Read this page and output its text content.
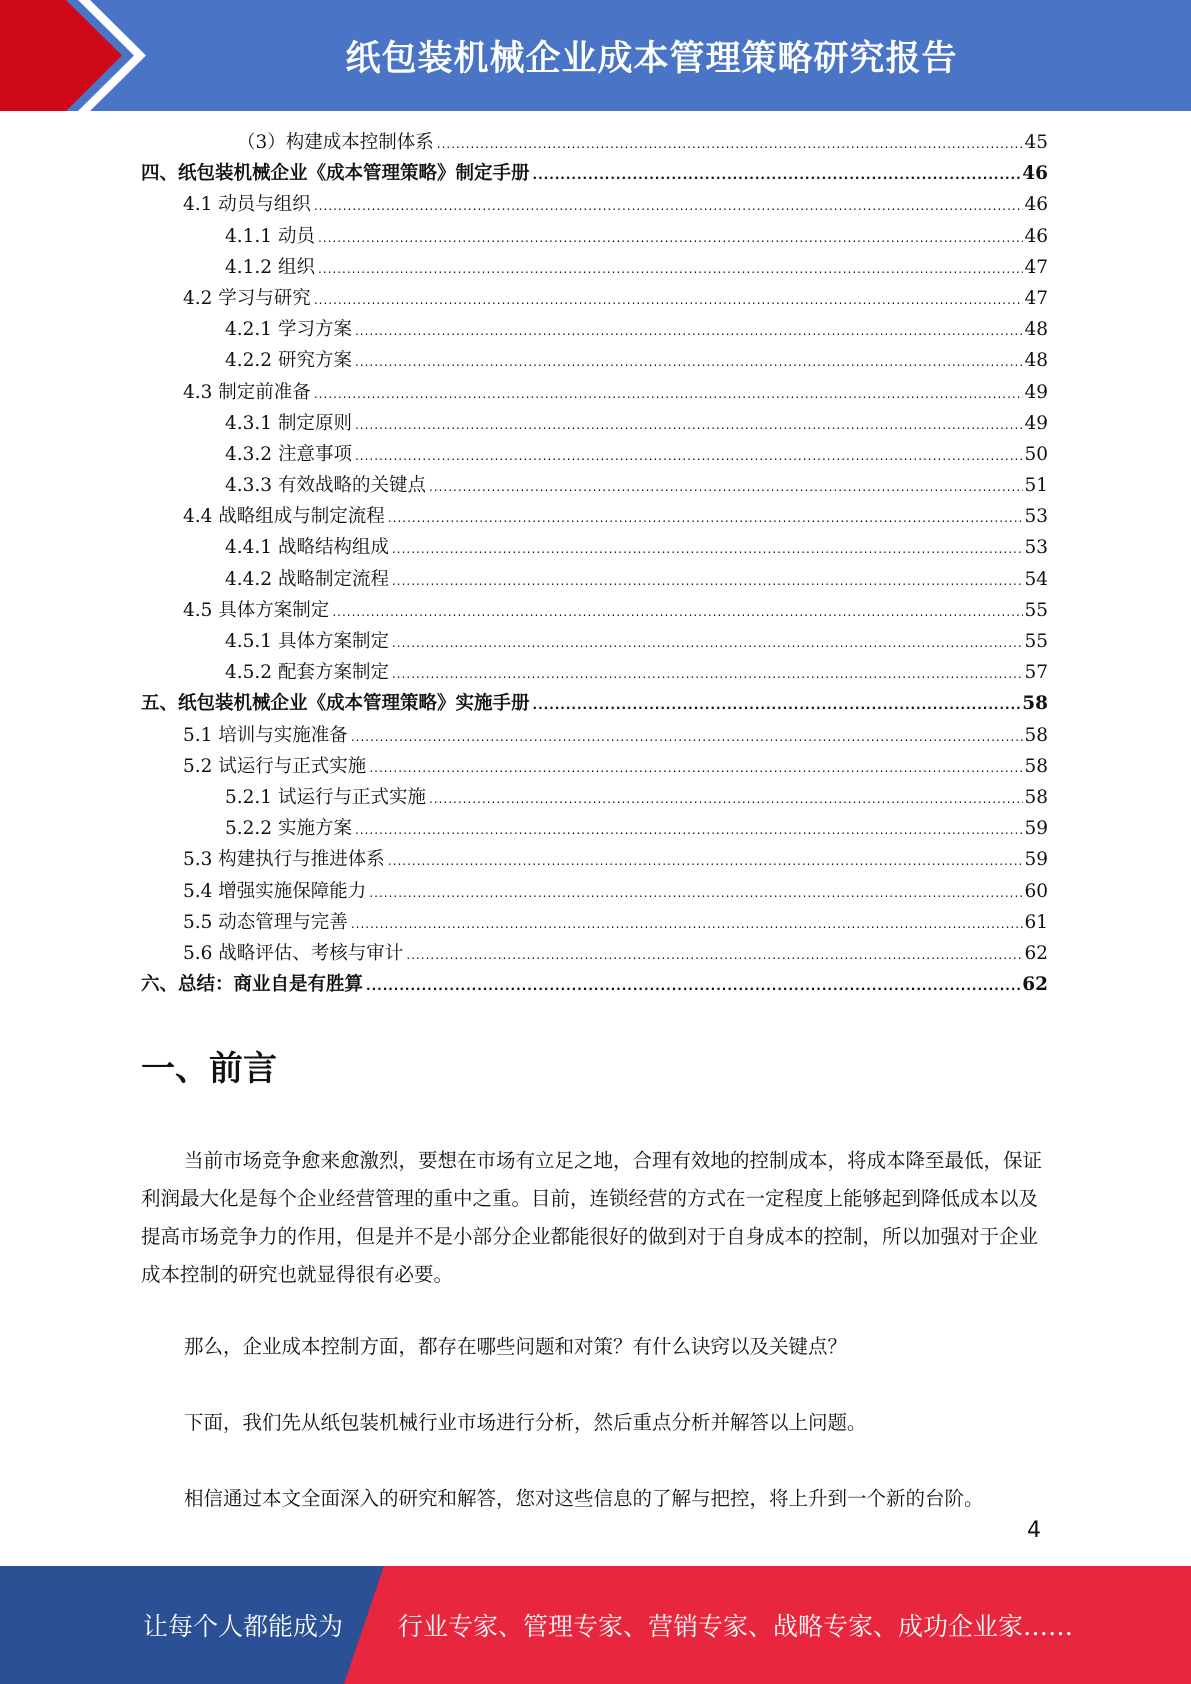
纸包装机械企业成本管理策略研究报告
（3）构建成本控制体系 .....	45
四、纸包装机械企业《成本管理策略》制定手册 .....	46
4.1 动员与组织 .....	46
4.1.1 动员 .....	46
4.1.2 组织 .....	47
4.2 学习与研究 .....	47
4.2.1 学习方案 .....	48
4.2.2 研究方案 .....	48
4.3 制定前准备 .....	49
4.3.1 制定原则 .....	49
4.3.2 注意事项 .....	50
4.3.3 有效战略的关键点 .....	51
4.4 战略组成与制定流程 .....	53
4.4.1 战略结构组成 .....	53
4.4.2 战略制定流程 .....	54
4.5 具体方案制定 .....	55
4.5.1 具体方案制定 .....	55
4.5.2 配套方案制定 .....	57
五、纸包装机械企业《成本管理策略》实施手册 .....	58
5.1 培训与实施准备 .....	58
5.2 试运行与正式实施 .....	58
5.2.1 试运行与正式实施 .....	58
5.2.2 实施方案 .....	59
5.3 构建执行与推进体系 .....	59
5.4 增强实施保障能力 .....	60
5.5 动态管理与完善 .....	61
5.6 战略评估、考核与审计 .....	62
六、总结：商业自是有胜算 .....	62
一、前言

当前市场竞争愈来愈激烈，要想在市场有立足之地，合理有效地的控制成本，将成本降至最低，保证利润最大化是每个企业经营管理的重中之重。目前，连锁经营的方式在一定程度上能够起到降低成本以及提高市场竞争力的作用，但是并不是小部分企业都能很好的做到对于自身成本的控制，所以加强对于企业成本控制的研究也就显得很有必要。

那么，企业成本控制方面，都存在哪些问题和对策？有什么诀窍以及关键点？

下面，我们先从纸包装机械行业市场进行分析，然后重点分析并解答以上问题。

相信通过本文全面深入的研究和解答，您对这些信息的了解与把控，将上升到一个新的台阶。

4
让每个人都能成为 行业专家、管理专家、营销专家、战略专家、成功企业家……
